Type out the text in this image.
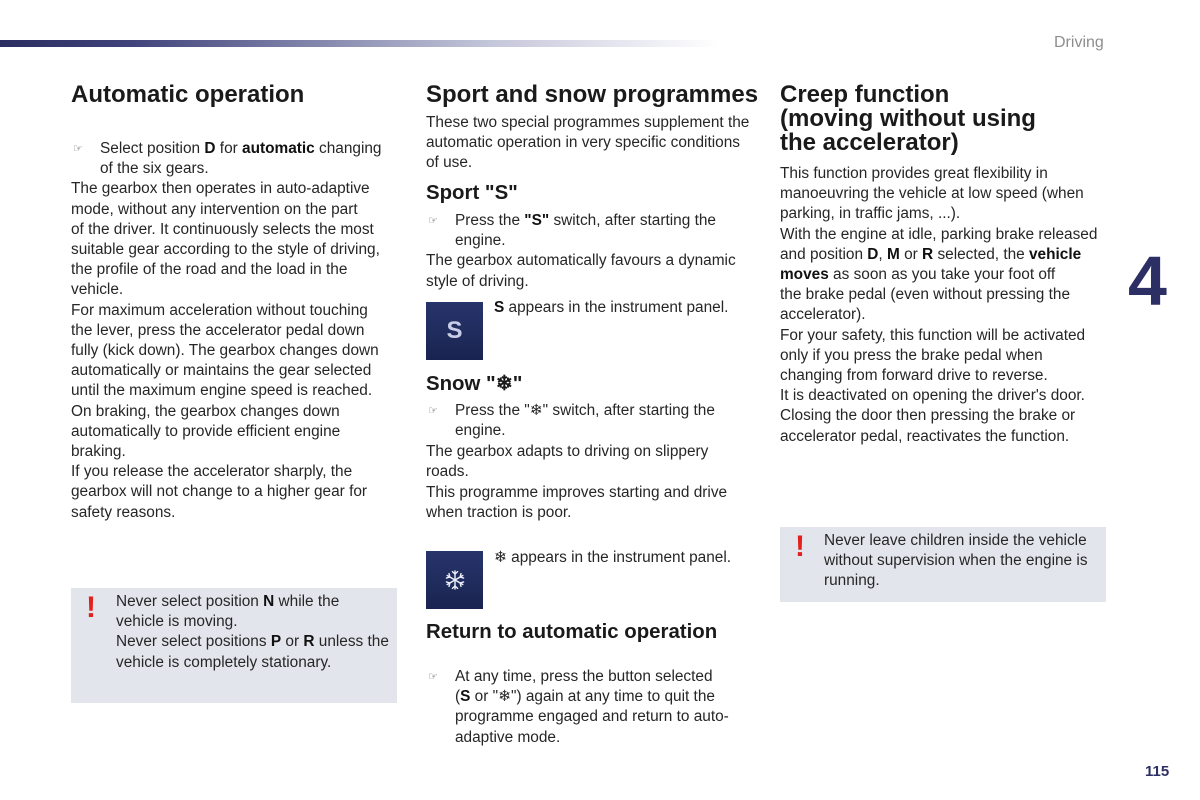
Driving
4
115
Automatic operation
☞
Select position D for automatic changing
of the six gears.
The gearbox then operates in auto-adaptive
mode, without any intervention on the part
of the driver. It continuously selects the most
suitable gear according to the style of driving,
the profile of the road and the load in the
vehicle.
For maximum acceleration without touching
the lever, press the accelerator pedal down
fully (kick down). The gearbox changes down
automatically or maintains the gear selected
until the maximum engine speed is reached.
On braking, the gearbox changes down
automatically to provide efficient engine
braking.
If you release the accelerator sharply, the
gearbox will not change to a higher gear for
safety reasons.
!
Never select position N while the
vehicle is moving.
Never select positions P or R unless the
vehicle is completely stationary.
Sport and snow programmes
These two special programmes supplement the
automatic operation in very specific conditions
of use.
Sport "S"
☞
Press the "S" switch, after starting the
engine.
The gearbox automatically favours a dynamic
style of driving.
S
S appears in the instrument panel.
Snow "❄"
☞
Press the "❄" switch, after starting the
engine.
The gearbox adapts to driving on slippery
roads.
This programme improves starting and drive
when traction is poor.
❄ appears in the instrument panel.
Return to automatic operation
☞
At any time, press the button selected
(S or "❄") again at any time to quit the
programme engaged and return to auto-
adaptive mode.
Creep function
(moving without using
the accelerator)
This function provides great flexibility in
manoeuvring the vehicle at low speed (when
parking, in traffic jams, ...).
With the engine at idle, parking brake released
and position D, M or R selected, the vehicle
moves as soon as you take your foot off
the brake pedal (even without pressing the
accelerator).
For your safety, this function will be activated
only if you press the brake pedal when
changing from forward drive to reverse.
It is deactivated on opening the driver's door.
Closing the door then pressing the brake or
accelerator pedal, reactivates the function.
!
Never leave children inside the vehicle
without supervision when the engine is
running.
